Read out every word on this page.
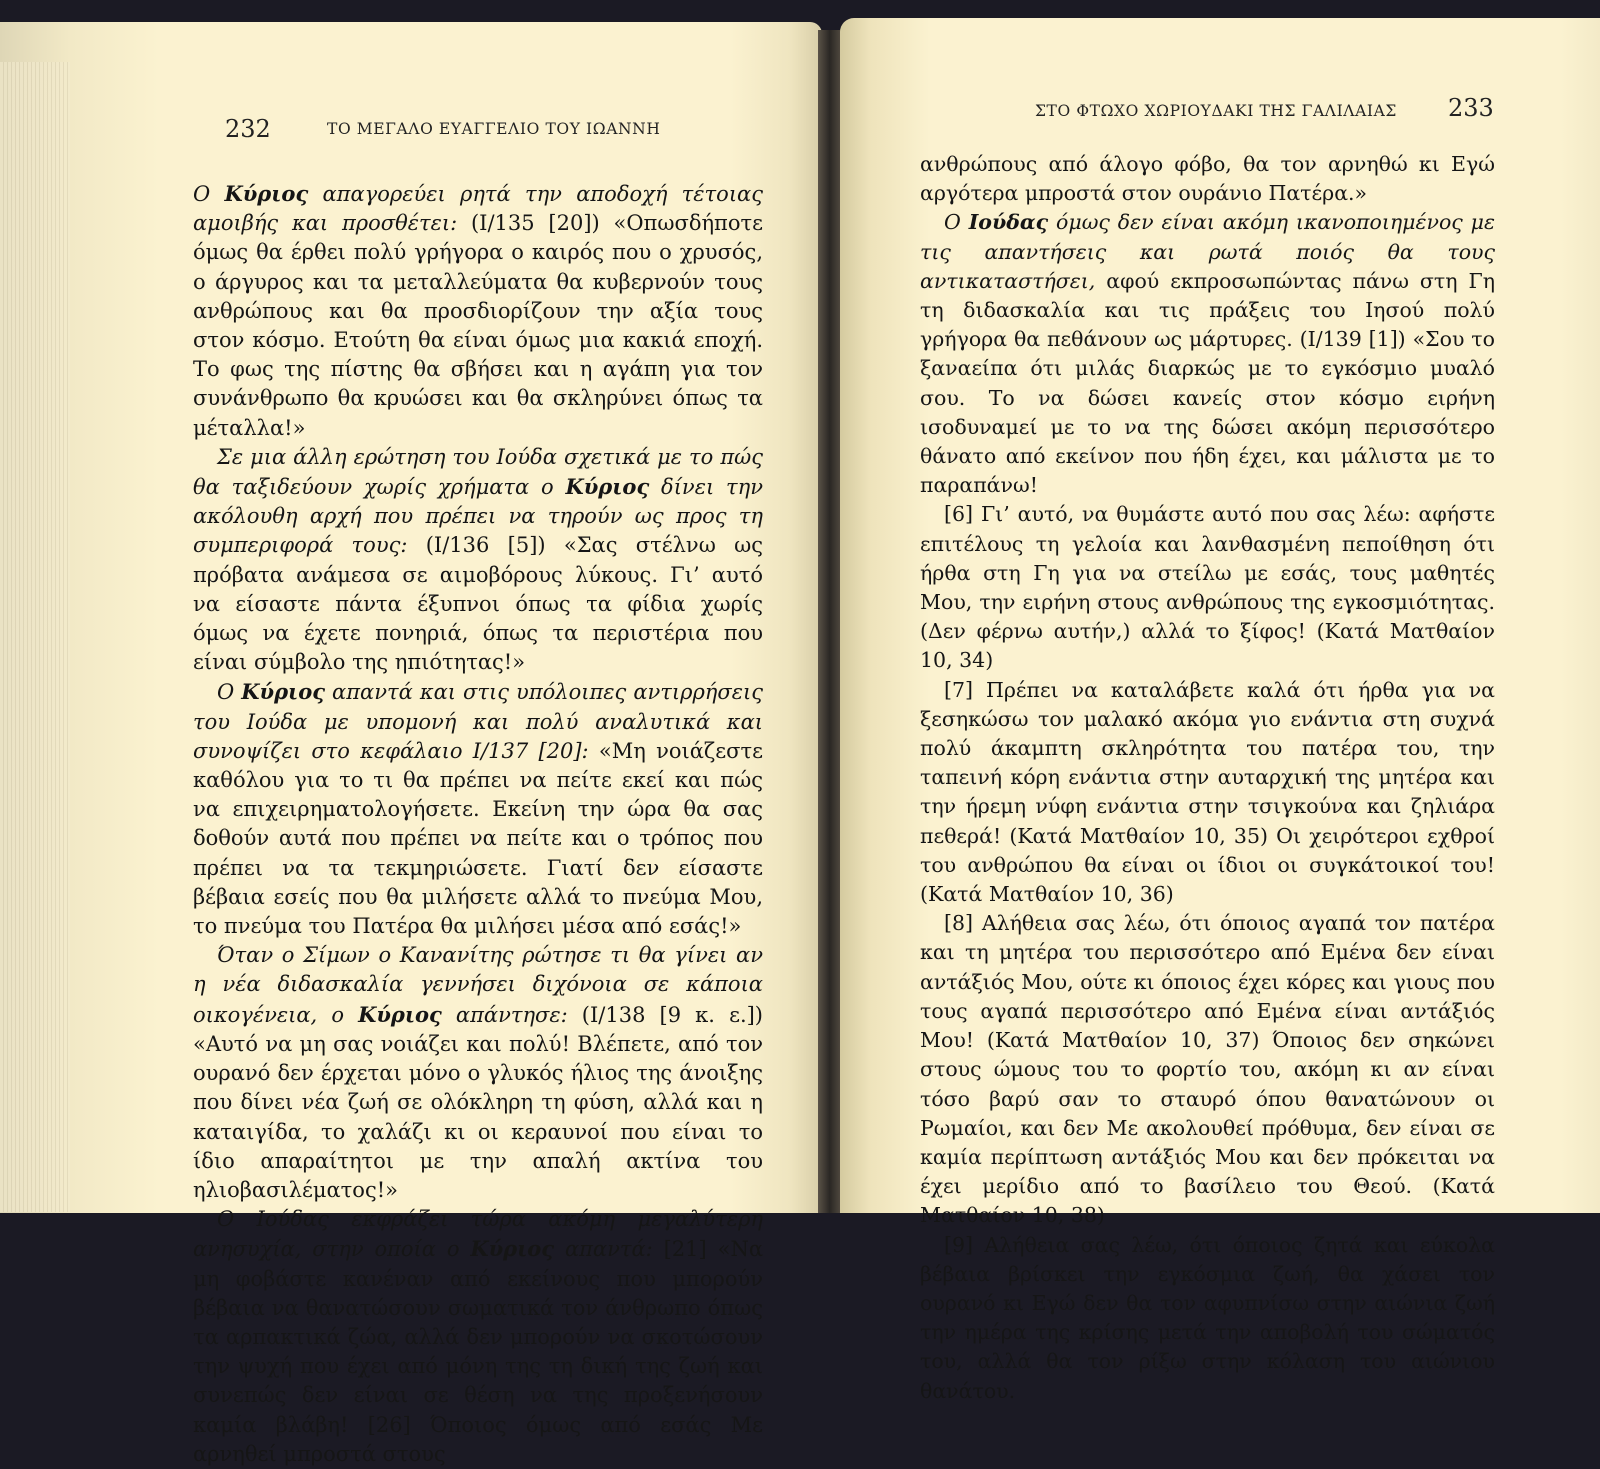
232	ΤΟ ΜΕΓΑΛΟ ΕΥΑΓΓΕΛΙΟ ΤΟΥ ΙΩΑΝΝΗ

Ο Κύριος απαγορεύει ρητά την αποδοχή τέτοιας αμοιβής και προσθέτει: (Ι/135 [20]) «Οπωσδήποτε όμως θα έρθει πολύ γρήγορα ο καιρός που ο χρυσός, ο άργυρος και τα μεταλλεύματα θα κυβερνούν τους ανθρώπους και θα προσδιορίζουν την αξία τους στον κόσμο. Ετούτη θα είναι όμως μια κακιά εποχή. Το φως της πίστης θα σβήσει και η αγάπη για τον συνάνθρωπο θα κρυώσει και θα σκληρύνει όπως τα μέταλλα!»

Σε μια άλλη ερώτηση του Ιούδα σχετικά με το πώς θα ταξιδεύουν χωρίς χρήματα ο Κύριος δίνει την ακόλουθη αρχή που πρέπει να τηρούν ως προς τη συμπεριφορά τους: (Ι/136 [5]) «Σας στέλνω ως πρόβατα ανάμεσα σε αιμοβόρους λύκους. Γι’ αυτό να είσαστε πάντα έξυπνοι όπως τα φίδια χωρίς όμως να έχετε πονηριά, όπως τα περιστέρια που είναι σύμβολο της ηπιότητας!»

Ο Κύριος απαντά και στις υπόλοιπες αντιρρήσεις του Ιούδα με υπομονή και πολύ αναλυτικά και συνοψίζει στο κεφάλαιο Ι/137 [20]: «Μη νοιάζεστε καθόλου για το τι θα πρέπει να πείτε εκεί και πώς να επιχειρηματολογήσετε. Εκείνη την ώρα θα σας δοθούν αυτά που πρέπει να πείτε και ο τρόπος που πρέπει να τα τεκμηριώσετε. Γιατί δεν είσαστε βέβαια εσείς που θα μιλήσετε αλλά το πνεύμα Μου, το πνεύμα του Πατέρα θα μιλήσει μέσα από εσάς!»

Όταν ο Σίμων ο Κανανίτης ρώτησε τι θα γίνει αν η νέα διδασκαλία γεννήσει διχόνοια σε κάποια οικογένεια, ο Κύριος απάντησε: (Ι/138 [9 κ. ε.]) «Αυτό να μη σας νοιάζει και πολύ! Βλέπετε, από τον ουρανό δεν έρχεται μόνο ο γλυκός ήλιος της άνοιξης που δίνει νέα ζωή σε ολόκληρη τη φύση, αλλά και η καταιγίδα, το χαλάζι κι οι κεραυνοί που είναι το ίδιο απαραίτητοι με την απαλή ακτίνα του ηλιοβασιλέματος!»

Ο Ιούδας εκφράζει τώρα ακόμη μεγαλύτερη ανησυχία, στην οποία ο Κύριος απαντά: [21] «Να μη φοβάστε κανέναν από εκείνους που μπορούν βέβαια να θανατώσουν σωματικά τον άνθρωπο όπως τα αρπακτικά ζώα, αλλά δεν μπορούν να σκοτώσουν την ψυχή που έχει από μόνη της τη δική της ζωή και συνεπώς δεν είναι σε θέση να της προξενήσουν καμία βλάβη! [26] Όποιος όμως από εσάς Με αρνηθεί μπροστά στους

ΣΤΟ ΦΤΩΧΟ ΧΩΡΙΟΥΔΑΚΙ ΤΗΣ ΓΑΛΙΛΑΙΑΣ 233

ανθρώπους από άλογο φόβο, θα τον αρνηθώ κι Εγώ αργότερα μπροστά στον ουράνιο Πατέρα.»

Ο Ιούδας όμως δεν είναι ακόμη ικανοποιημένος με τις απαντήσεις και ρωτά ποιός θα τους αντικαταστήσει, αφού εκπροσωπώντας πάνω στη Γη τη διδασκαλία και τις πράξεις του Ιησού πολύ γρήγορα θα πεθάνουν ως μάρτυρες. (Ι/139 [1]) «Σου το ξαναείπα ότι μιλάς διαρκώς με το εγκόσμιο μυαλό σου. Το να δώσει κανείς στον κόσμο ειρήνη ισοδυναμεί με το να της δώσει ακόμη περισσότερο θάνατο από εκείνον που ήδη έχει, και μάλιστα με το παραπάνω!

[6] Γι’ αυτό, να θυμάστε αυτό που σας λέω: αφήστε επιτέλους τη γελοία και λανθασμένη πεποίθηση ότι ήρθα στη Γη για να στείλω με εσάς, τους μαθητές Μου, την ειρήνη στους ανθρώπους της εγκοσμιότητας. (Δεν φέρνω αυτήν,) αλλά το ξίφος! (Κατά Ματθαίον 10, 34)

[7] Πρέπει να καταλάβετε καλά ότι ήρθα για να ξεσηκώσω τον μαλακό ακόμα γιο ενάντια στη συχνά πολύ άκαμπτη σκληρότητα του πατέρα του, την ταπεινή κόρη ενάντια στην αυταρχική της μητέρα και την ήρεμη νύφη ενάντια στην τσιγκούνα και ζηλιάρα πεθερά! (Κατά Ματθαίον 10, 35) Οι χειρότεροι εχθροί του ανθρώπου θα είναι οι ίδιοι οι συγκάτοικοί του! (Κατά Ματθαίον 10, 36)

[8] Αλήθεια σας λέω, ότι όποιος αγαπά τον πατέρα και τη μητέρα του περισσότερο από Εμένα δεν είναι αντάξιός Μου, ούτε κι όποιος έχει κόρες και γιους που τους αγαπά περισσότερο από Εμένα είναι αντάξιός Μου! (Κατά Ματθαίον 10, 37) Όποιος δεν σηκώνει στους ώμους του το φορτίο του, ακόμη κι αν είναι τόσο βαρύ σαν το σταυρό όπου θανατώνουν οι Ρωμαίοι, και δεν Με ακολουθεί πρόθυμα, δεν είναι σε καμία περίπτωση αντάξιός Μου και δεν πρόκειται να έχει μερίδιο από το βασίλειο του Θεού. (Κατά Ματθαίον 10, 38)

[9] Αλήθεια σας λέω, ότι όποιος ζητά και εύκολα βέβαια βρίσκει την εγκόσμια ζωή, θα χάσει τον ουρανό κι Εγώ δεν θα τον αφυπνίσω στην αιώνια ζωή την ημέρα της κρίσης μετά την αποβολή του σώματός του, αλλά θα τον ρίξω στην κόλαση του αιώνιου θανάτου.
